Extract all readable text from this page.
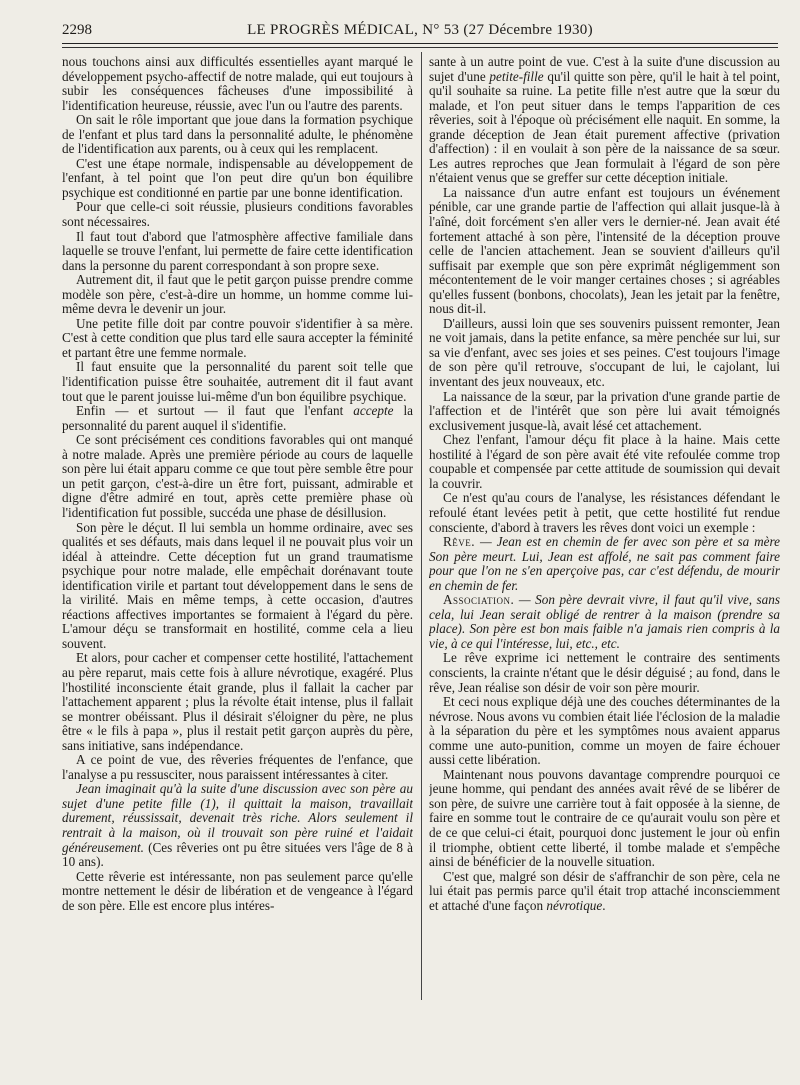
2298	LE PROGRÈS MÉDICAL, N° 53 (27 Décembre 1930)

nous touchons ainsi aux difficultés essentielles ayant marqué le développement psycho-affectif de notre malade, qui eut toujours à subir les conséquences fâcheuses d'une impossibilité à l'identification heureuse, réussie, avec l'un ou l'autre des parents.

On sait le rôle important que joue dans la formation psychique de l'enfant et plus tard dans la personnalité adulte, le phénomène de l'identification aux parents, ou à ceux qui les remplacent.

C'est une étape normale, indispensable au développement de l'enfant, à tel point que l'on peut dire qu'un bon équilibre psychique est conditionné en partie par une bonne identification.

Pour que celle-ci soit réussie, plusieurs conditions favorables sont nécessaires.

Il faut tout d'abord que l'atmosphère affective familiale dans laquelle se trouve l'enfant, lui permette de faire cette identification dans la personne du parent correspondant à son propre sexe.

Autrement dit, il faut que le petit garçon puisse prendre comme modèle son père, c'est-à-dire un homme, un homme comme lui-même devra le devenir un jour.

Une petite fille doit par contre pouvoir s'identifier à sa mère. C'est à cette condition que plus tard elle saura accepter la féminité et partant être une femme normale.

Il faut ensuite que la personnalité du parent soit telle que l'identification puisse être souhaitée, autrement dit il faut avant tout que le parent jouisse lui-même d'un bon équilibre psychique.

Enfin — et surtout — il faut que l'enfant accepte la personnalité du parent auquel il s'identifie.

Ce sont précisément ces conditions favorables qui ont manqué à notre malade. Après une première période au cours de laquelle son père lui était apparu comme ce que tout père semble être pour un petit garçon, c'est-à-dire un être fort, puissant, admirable et digne d'être admiré en tout, après cette première phase où l'identification fut possible, succéda une phase de désillusion.

Son père le déçut. Il lui sembla un homme ordinaire, avec ses qualités et ses défauts, mais dans lequel il ne pouvait plus voir un idéal à atteindre. Cette déception fut un grand traumatisme psychique pour notre malade, elle empêchait dorénavant toute identification virile et partant tout développement dans le sens de la virilité. Mais en même temps, à cette occasion, d'autres réactions affectives importantes se formaient à l'égard du père. L'amour déçu se transformait en hostilité, comme cela a lieu souvent.

Et alors, pour cacher et compenser cette hostilité, l'attachement au père reparut, mais cette fois à allure névrotique, exagéré. Plus l'hostilité inconsciente était grande, plus il fallait la cacher par l'attachement apparent ; plus la révolte était intense, plus il fallait se montrer obéissant. Plus il désirait s'éloigner du père, ne plus être « le fils à papa », plus il restait petit garçon auprès du père, sans initiative, sans indépendance.

A ce point de vue, des rêveries fréquentes de l'enfance, que l'analyse a pu ressusciter, nous paraissent intéressantes à citer.

Jean imaginait qu'à la suite d'une discussion avec son père au sujet d'une petite fille (1), il quittait la maison, travaillait durement, réussissait, devenait très riche. Alors seulement il rentrait à la maison, où il trouvait son père ruiné et l'aidait généreusement. (Ces rêveries ont pu être situées vers l'âge de 8 à 10 ans).

Cette rêverie est intéressante, non pas seulement parce qu'elle montre nettement le désir de libération et de vengeance à l'égard de son père. Elle est encore plus intéres-

sante à un autre point de vue. C'est à la suite d'une discussion au sujet d'une petite-fille qu'il quitte son père, qu'il le hait à tel point, qu'il souhaite sa ruine. La petite fille n'est autre que la sœur du malade, et l'on peut situer dans le temps l'apparition de ces rêveries, soit à l'époque où précisément elle naquit. En somme, la grande déception de Jean était purement affective (privation d'affection) : il en voulait à son père de la naissance de sa sœur. Les autres reproches que Jean formulait à l'égard de son père n'étaient venus que se greffer sur cette déception initiale.

La naissance d'un autre enfant est toujours un événement pénible, car une grande partie de l'affection qui allait jusque-là à l'aîné, doit forcément s'en aller vers le dernier-né. Jean avait été fortement attaché à son père, l'intensité de la déception prouve celle de l'ancien attachement. Jean se souvient d'ailleurs qu'il suffisait par exemple que son père exprimât négligemment son mécontentement de le voir manger certaines choses ; si agréables qu'elles fussent (bonbons, chocolats), Jean les jetait par la fenêtre, nous dit-il.

D'ailleurs, aussi loin que ses souvenirs puissent remonter, Jean ne voit jamais, dans la petite enfance, sa mère penchée sur lui, sur sa vie d'enfant, avec ses joies et ses peines. C'est toujours l'image de son père qu'il retrouve, s'occupant de lui, le cajolant, lui inventant des jeux nouveaux, etc.

La naissance de la sœur, par la privation d'une grande partie de l'affection et de l'intérêt que son père lui avait témoignés exclusivement jusque-là, avait lésé cet attachement.

Chez l'enfant, l'amour déçu fit place à la haine. Mais cette hostilité à l'égard de son père avait été vite refoulée comme trop coupable et compensée par cette attitude de soumission qui devait la couvrir.

Ce n'est qu'au cours de l'analyse, les résistances défendant le refoulé étant levées petit à petit, que cette hostilité fut rendue consciente, d'abord à travers les rêves dont voici un exemple :

Rêve. — Jean est en chemin de fer avec son père et sa mère Son père meurt. Lui, Jean est affolé, ne sait pas comment faire pour que l'on ne s'en aperçoive pas, car c'est défendu, de mourir en chemin de fer.

Association. — Son père devrait vivre, il faut qu'il vive, sans cela, lui Jean serait obligé de rentrer à la maison (prendre sa place). Son père est bon mais faible n'a jamais rien compris à la vie, à ce qui l'intéresse, lui, etc., etc.

Le rêve exprime ici nettement le contraire des sentiments conscients, la crainte n'étant que le désir déguisé ; au fond, dans le rêve, Jean réalise son désir de voir son père mourir.

Et ceci nous explique déjà une des couches déterminantes de la névrose. Nous avons vu combien était liée l'éclosion de la maladie à la séparation du père et les symptômes nous avaient apparus comme une auto-punition, comme un moyen de faire échouer aussi cette libération.

Maintenant nous pouvons davantage comprendre pourquoi ce jeune homme, qui pendant des années avait rêvé de se libérer de son père, de suivre une carrière tout à fait opposée à la sienne, de faire en somme tout le contraire de ce qu'aurait voulu son père et de ce que celui-ci était, pourquoi donc justement le jour où enfin il triomphe, obtient cette liberté, il tombe malade et s'empêche ainsi de bénéficier de la nouvelle situation.

C'est que, malgré son désir de s'affranchir de son père, cela ne lui était pas permis parce qu'il était trop attaché inconsciemment et attaché d'une façon névrotique.
